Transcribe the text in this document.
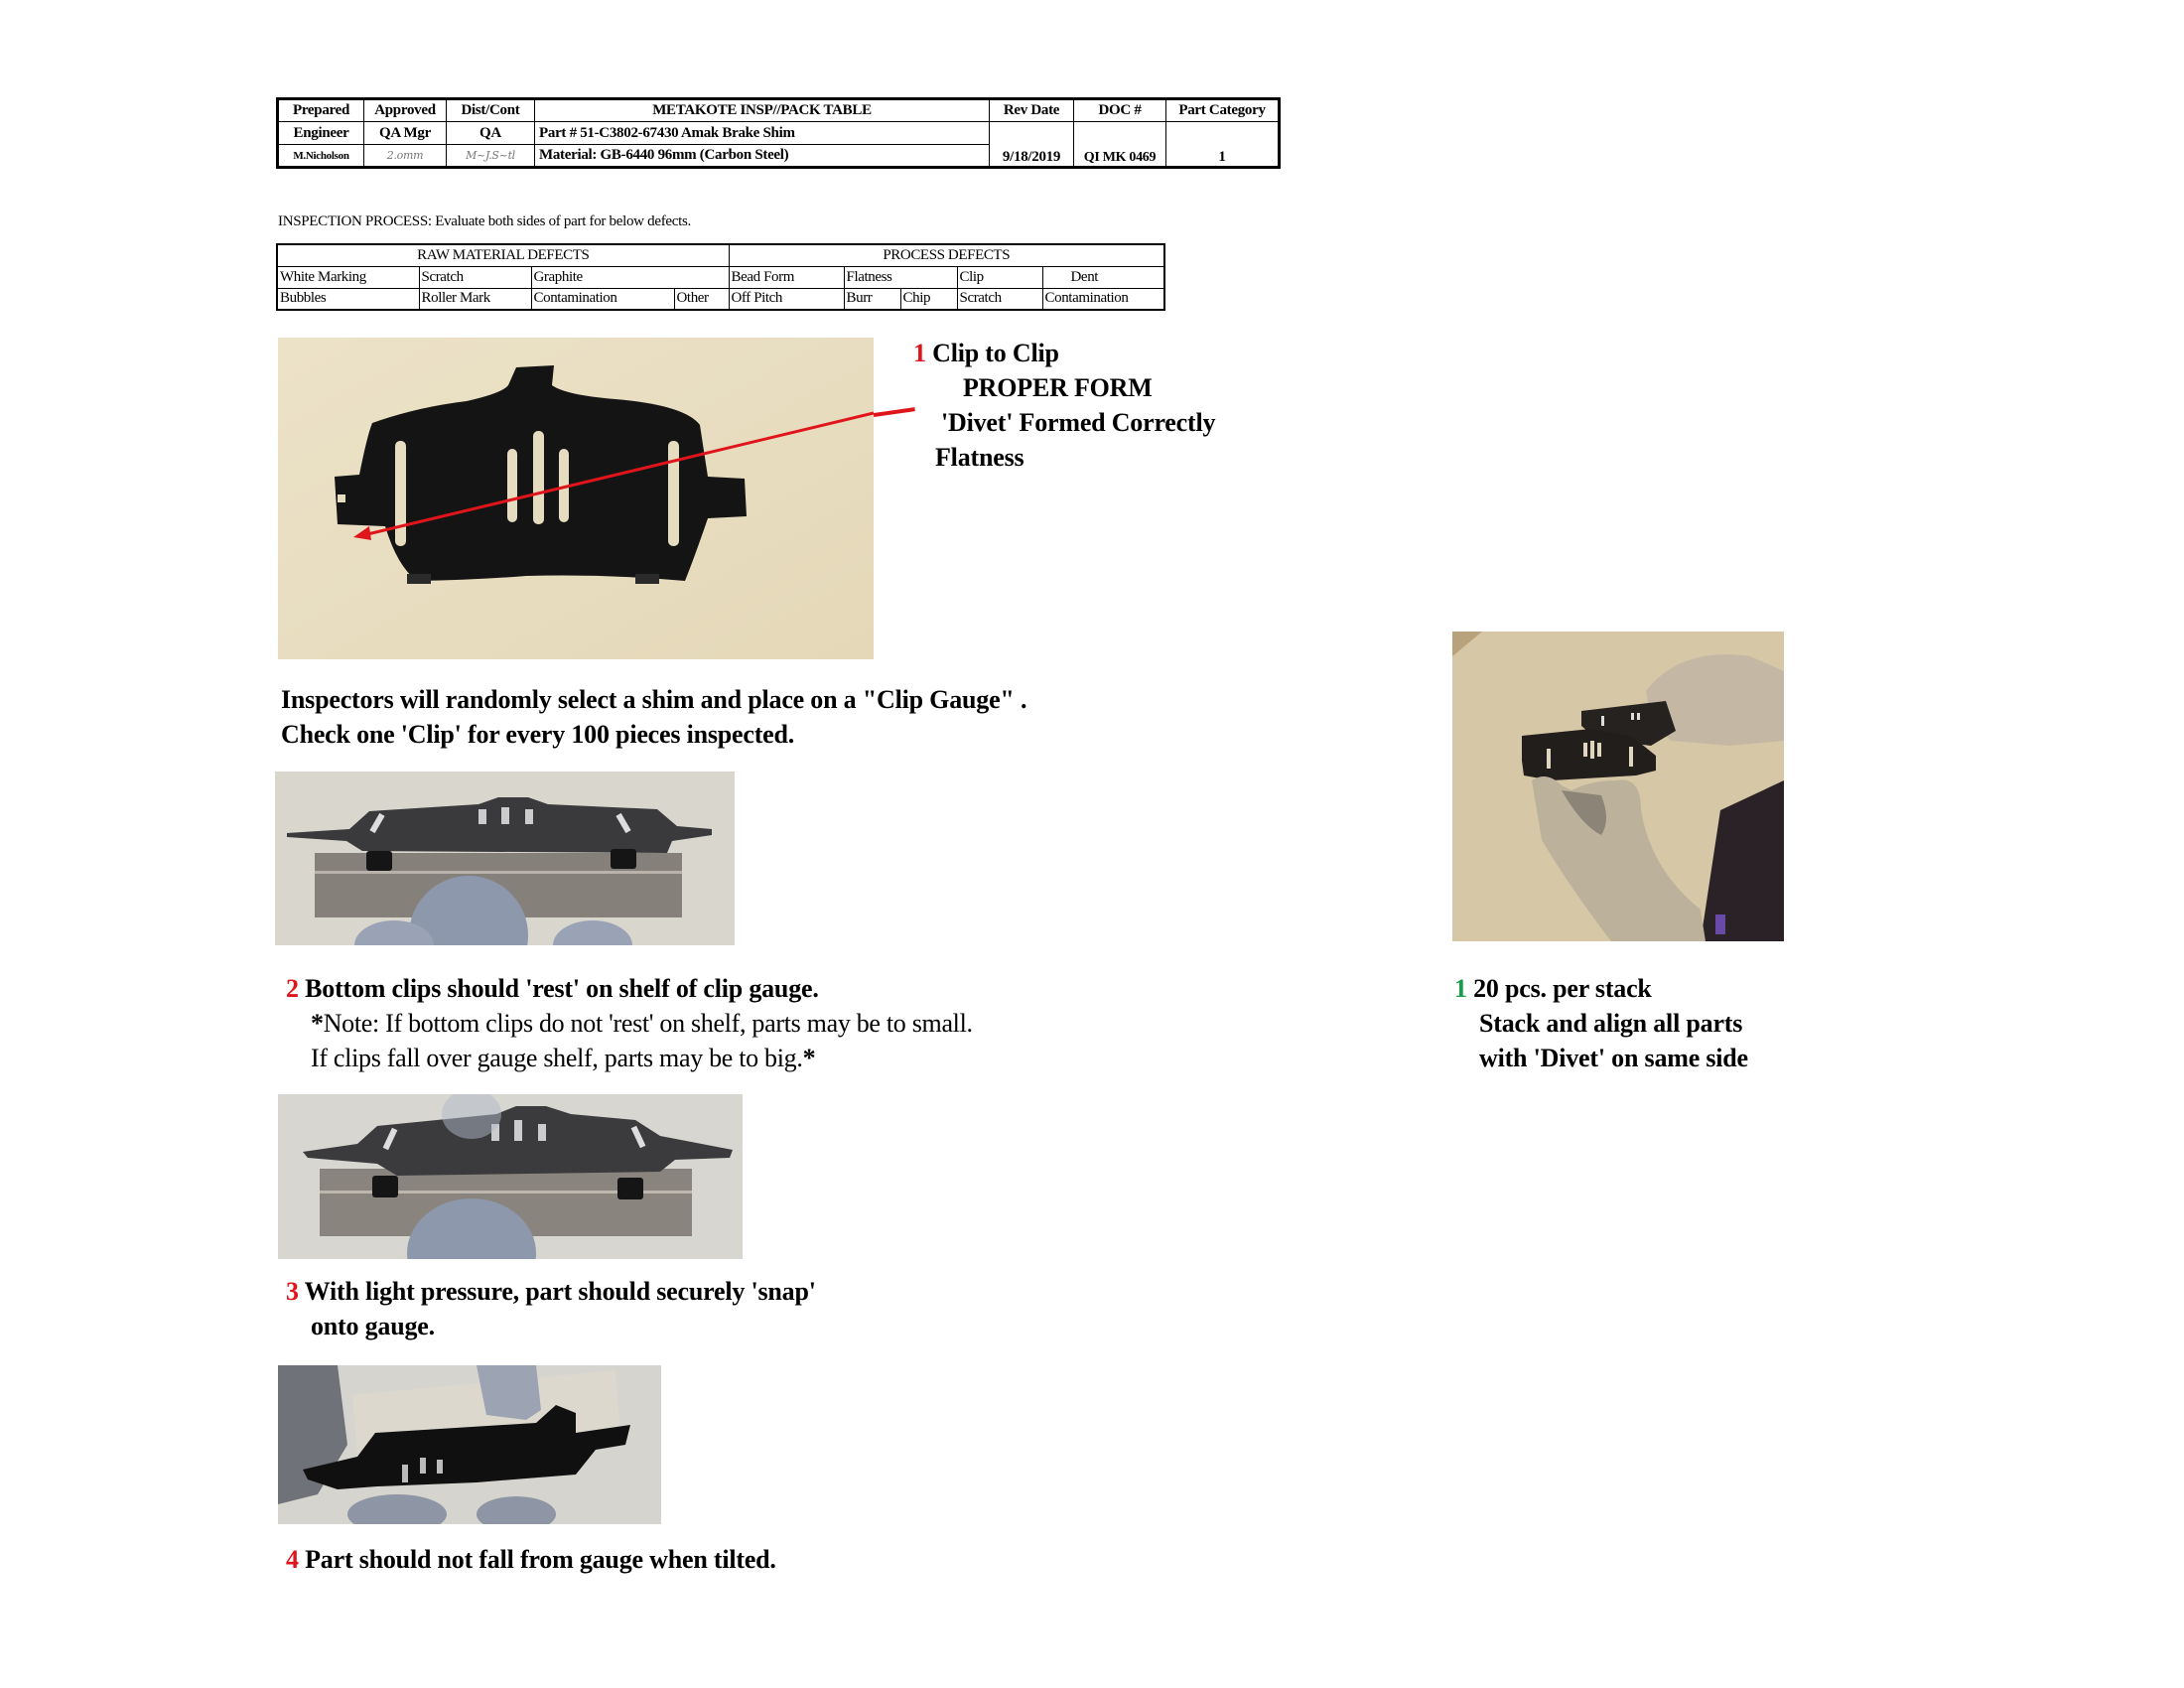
Prepared	Approved	Dist/Cont	METAKOTE INSP//PACK TABLE	Rev Date	DOC #	Part Category
Engineer	QA Mgr	QA	Part # 51-C3802-67430 Amak Brake Shim			
M.Nicholson	2.omm	M~J.S~tl	Material: GB-6440 96mm (Carbon Steel)	9/18/2019	QI MK 0469	1
INSPECTION PROCESS: Evaluate both sides of part for below defects.
RAW MATERIAL DEFECTS				PROCESS DEFECTS				
White Marking	Scratch	Graphite		Bead Form	Flatness		Clip	Dent
Bubbles	Roller Mark	Contamination	Other	Off Pitch	Burr	Chip	Scratch	Contamination
1 Clip to Clip
PROPER FORM
'Divet' Formed Correctly
Flatness
Inspectors will randomly select a shim and place on a "Clip Gauge" .
Check one 'Clip' for every 100 pieces inspected.
2 Bottom clips should 'rest' on shelf of clip gauge.
*Note: If bottom clips do not 'rest' on shelf, parts may be to small.
If clips fall over gauge shelf, parts may be to big.*
3 With light pressure, part should securely 'snap'
onto gauge.
4 Part should not fall from gauge when tilted.
1 20 pcs. per stack
Stack and align all parts
with 'Divet' on same side
